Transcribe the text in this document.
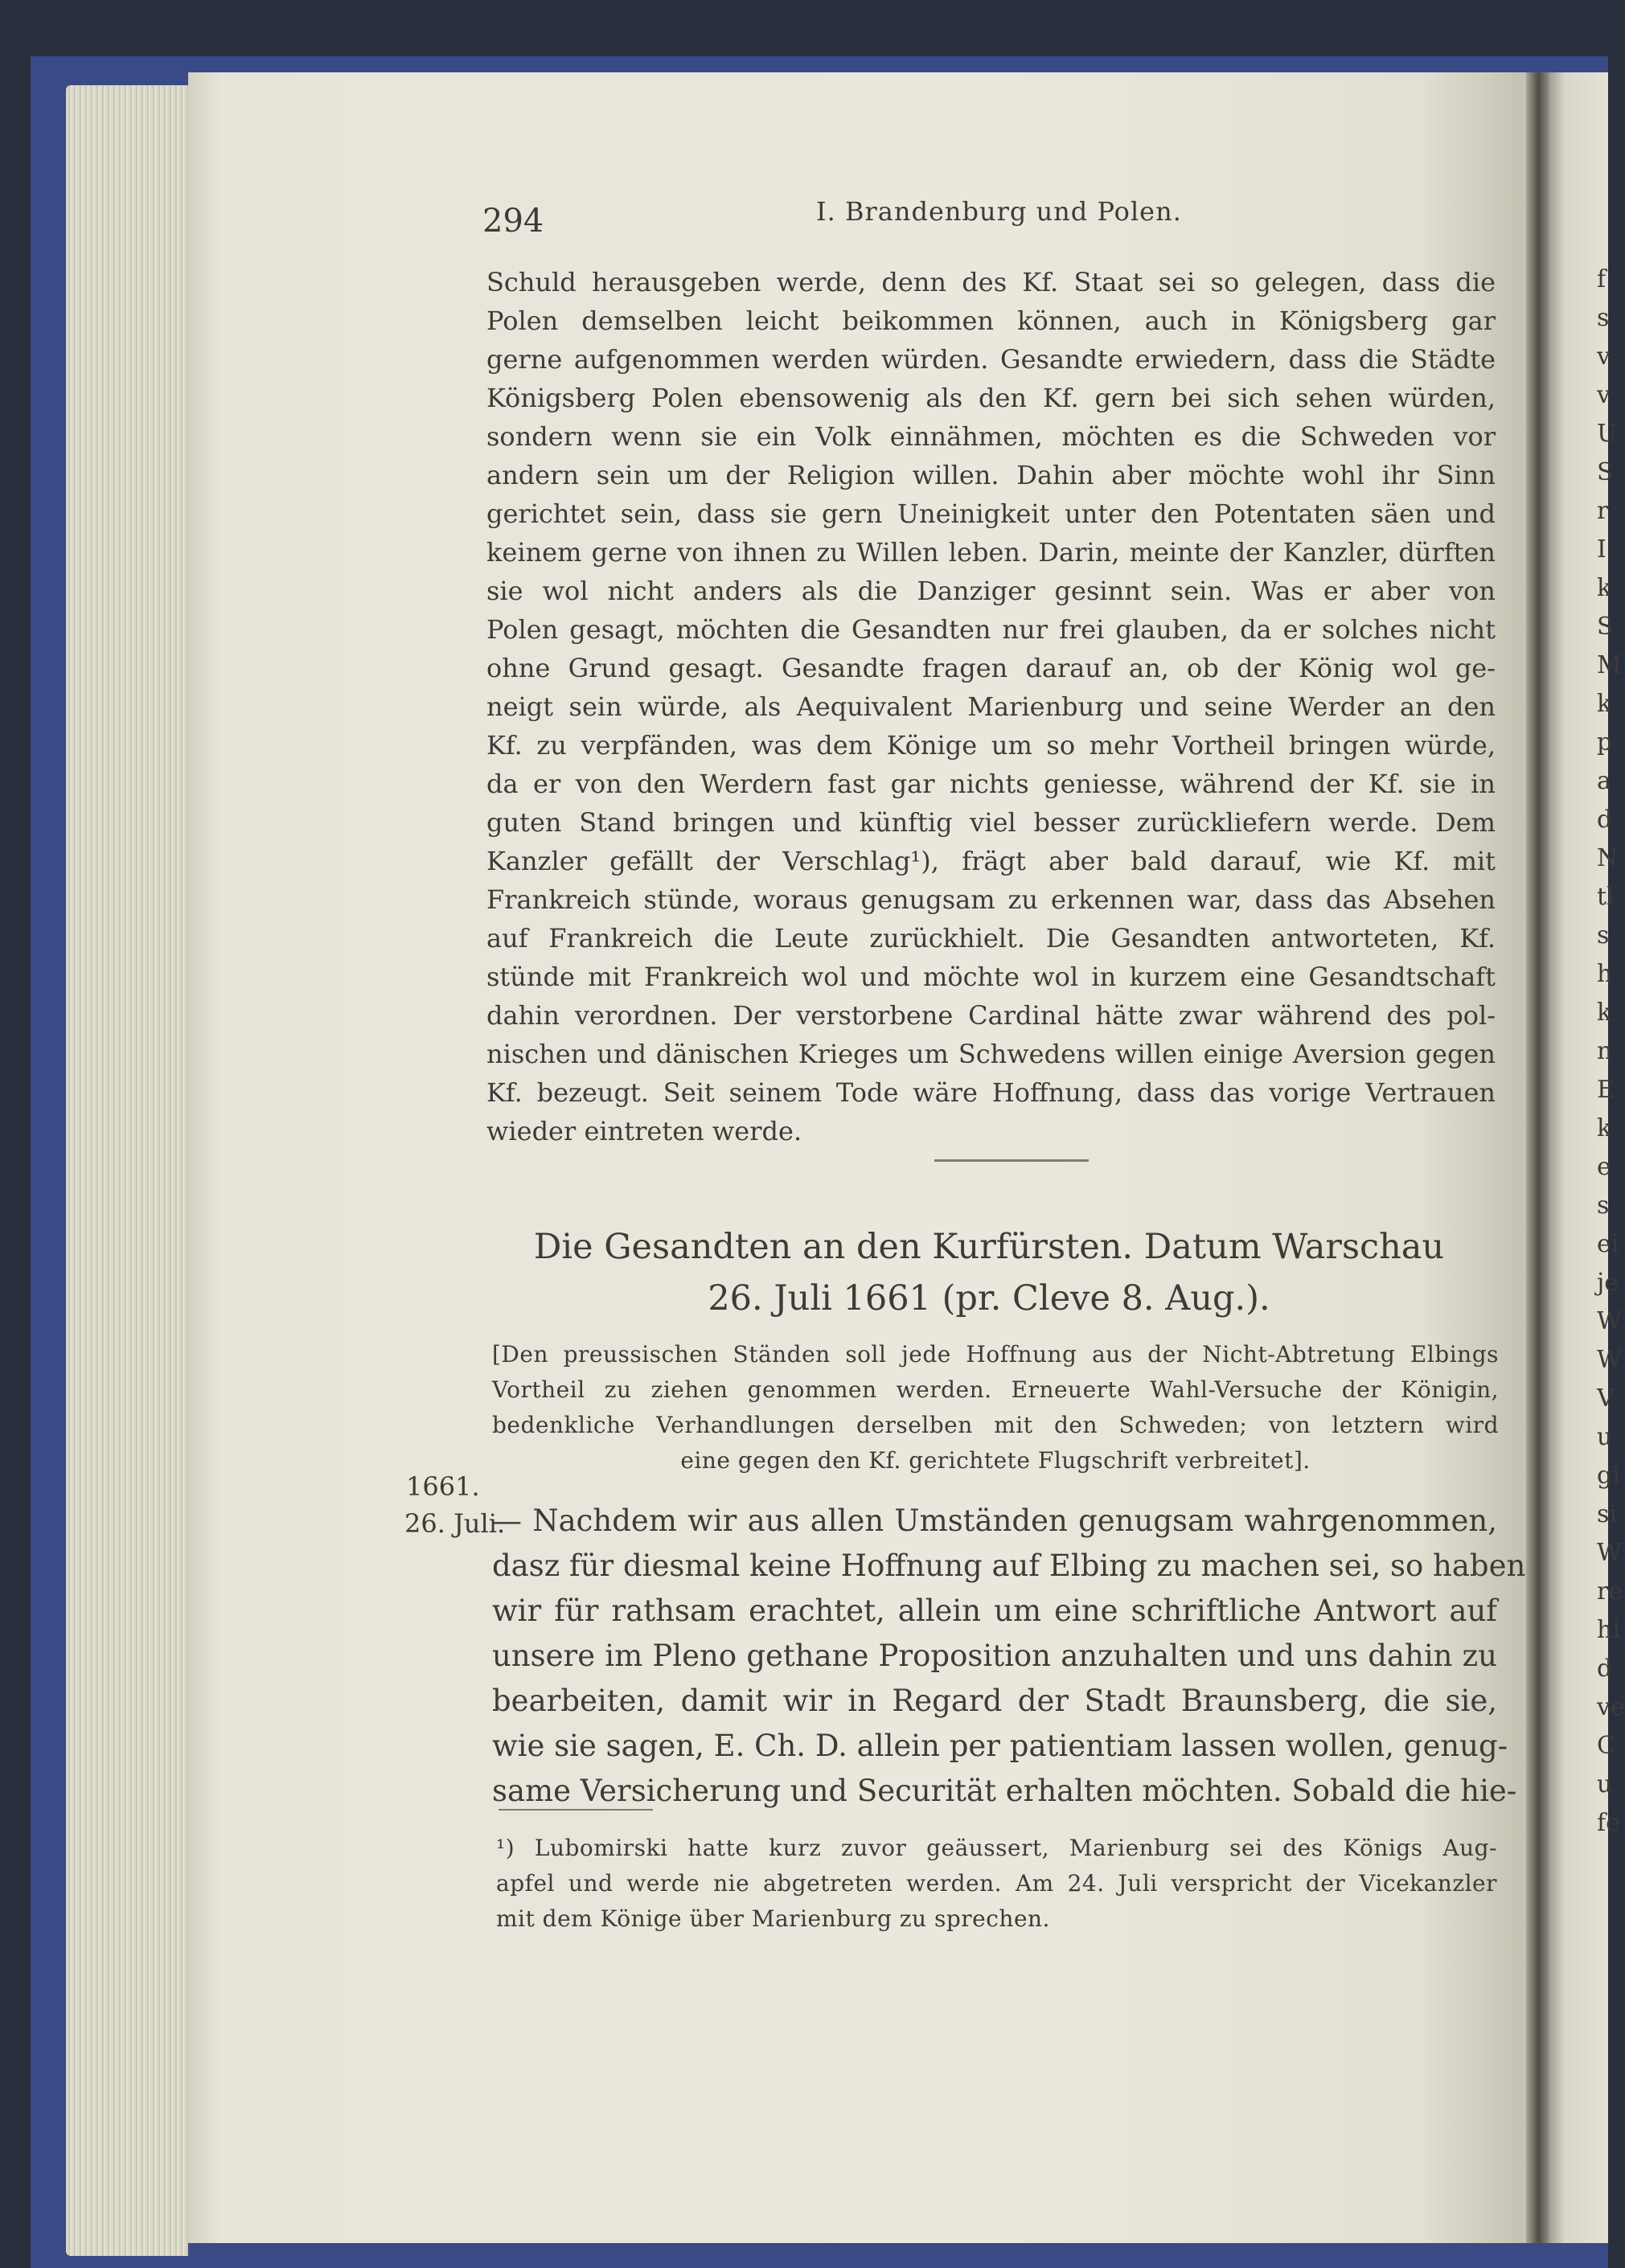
294	I. Brandenburg und Polen.
Schuld herausgeben werde, denn des Kf. Staat sei so gelegen, dass die
Polen demselben leicht beikommen können, auch in Königsberg gar
gerne aufgenommen werden würden. Gesandte erwiedern, dass die Städte
Königsberg Polen ebensowenig als den Kf. gern bei sich sehen würden,
sondern wenn sie ein Volk einnähmen, möchten es die Schweden vor
andern sein um der Religion willen. Dahin aber möchte wohl ihr Sinn
gerichtet sein, dass sie gern Uneinigkeit unter den Potentaten säen und
keinem gerne von ihnen zu Willen leben. Darin, meinte der Kanzler, dürften
sie wol nicht anders als die Danziger gesinnt sein. Was er aber von
Polen gesagt, möchten die Gesandten nur frei glauben, da er solches nicht
ohne Grund gesagt. Gesandte fragen darauf an, ob der König wol ge-
neigt sein würde, als Aequivalent Marienburg und seine Werder an den
Kf. zu verpfänden, was dem Könige um so mehr Vortheil bringen würde,
da er von den Werdern fast gar nichts geniesse, während der Kf. sie in
guten Stand bringen und künftig viel besser zurückliefern werde. Dem
Kanzler gefällt der Verschlag¹), frägt aber bald darauf, wie Kf. mit
Frankreich stünde, woraus genugsam zu erkennen war, dass das Absehen
auf Frankreich die Leute zurückhielt. Die Gesandten antworteten, Kf.
stünde mit Frankreich wol und möchte wol in kurzem eine Gesandtschaft
dahin verordnen. Der verstorbene Cardinal hätte zwar während des pol-
nischen und dänischen Krieges um Schwedens willen einige Aversion gegen
Kf. bezeugt. Seit seinem Tode wäre Hoffnung, dass das vorige Vertrauen
wieder eintreten werde.
Die Gesandten an den Kurfürsten. Datum Warschau
26. Juli 1661 (pr. Cleve 8. Aug.).
[Den preussischen Ständen soll jede Hoffnung aus der Nicht-Abtretung Elbings
Vortheil zu ziehen genommen werden. Erneuerte Wahl-Versuche der Königin,
bedenkliche Verhandlungen derselben mit den Schweden; von letztern wird
eine gegen den Kf. gerichtete Flugschrift verbreitet].
1661.
26. Juli.
— Nachdem wir aus allen Umständen genugsam wahrgenommen,
dasz für diesmal keine Hoffnung auf Elbing zu machen sei, so haben
wir für rathsam erachtet, allein um eine schriftliche Antwort auf
unsere im Pleno gethane Proposition anzuhalten und uns dahin zu
bearbeiten, damit wir in Regard der Stadt Braunsberg, die sie,
wie sie sagen, E. Ch. D. allein per patientiam lassen wollen, genug-
same Versicherung und Securität erhalten möchten. Sobald die hie-
¹) Lubomirski hatte kurz zuvor geäussert, Marienburg sei des Königs Aug-
apfel und werde nie abgetreten werden. Am 24. Juli verspricht der Vicekanzler
mit dem Könige über Marienburg zu sprechen.
f
s
v
v
U
S
r
I
k
S
M
k
p
a
d
N
tl
s
h
k
n
E
k
e
s
ei
je
W
W
V
u
gi
si
W
re
hi
d
ve
C
u
fe
